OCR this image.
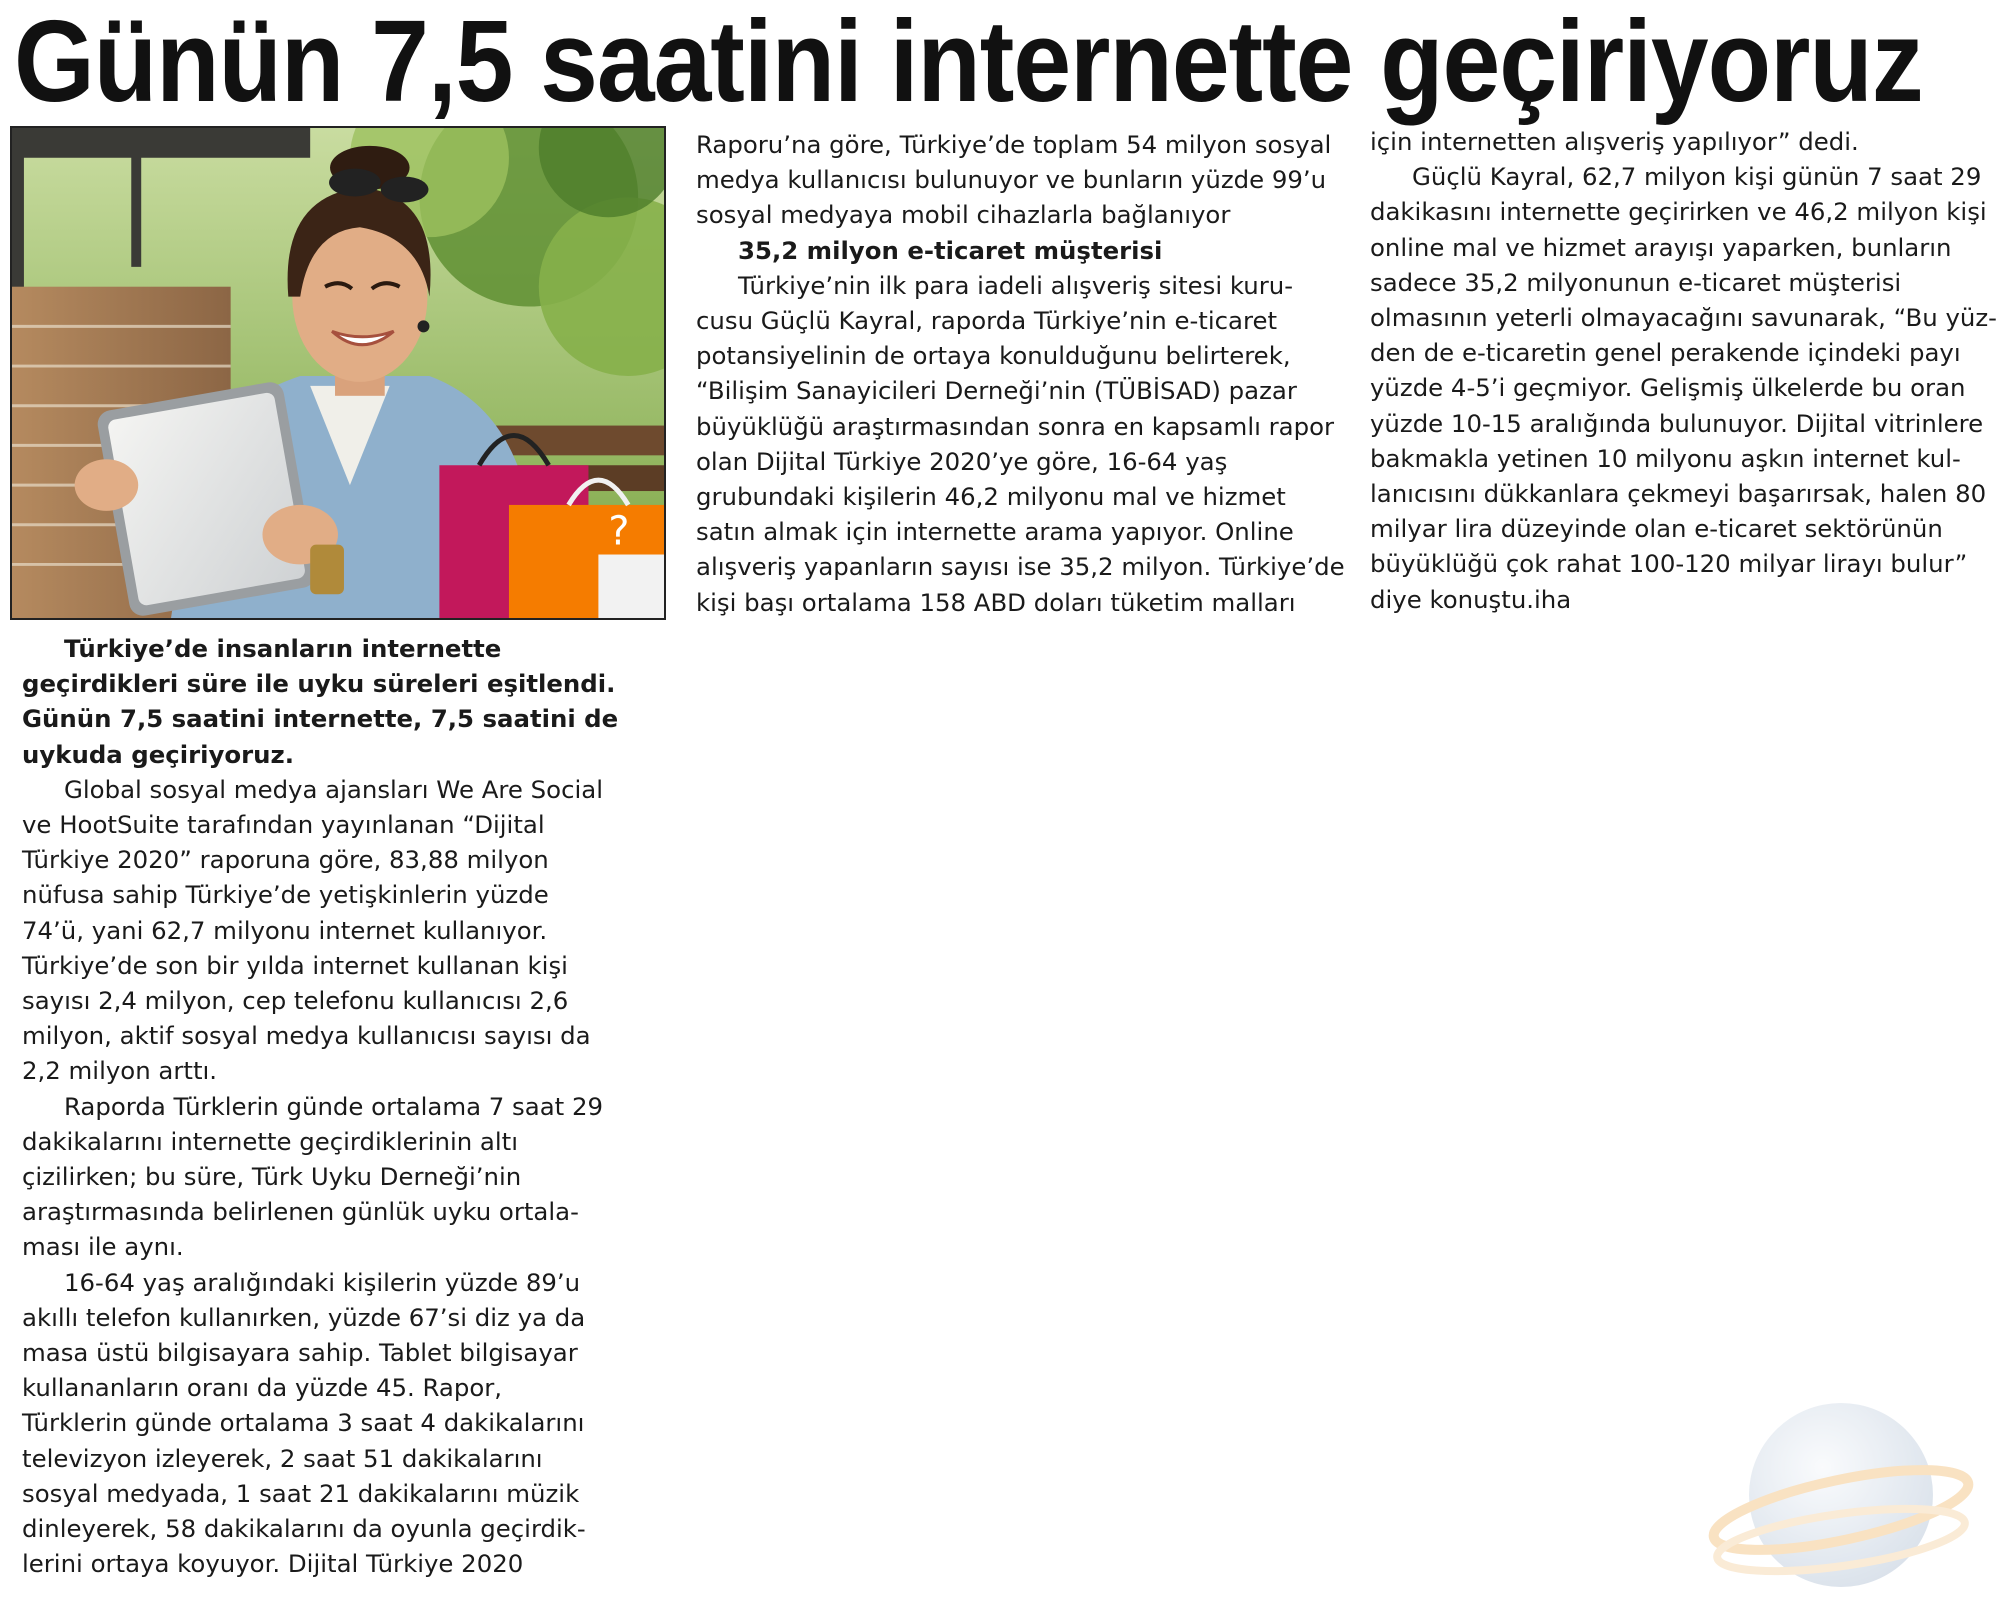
Günün 7,5 saatini internette geçiriyoruz
?

Türkiye’de insanların internette

geçirdikleri süre ile uyku süreleri eşitlendi.
Günün 7,5 saatini internette, 7,5 saatini de
uykuda geçiriyoruz.

Global sosyal medya ajansları We Are Social

ve HootSuite tarafından yayınlanan “Dijital
Türkiye 2020” raporuna göre, 83,88 milyon
nüfusa sahip Türkiye’de yetişkinlerin yüzde
74’ü, yani 62,7 milyonu internet kullanıyor.
Türkiye’de son bir yılda internet kullanan kişi
sayısı 2,4 milyon, cep telefonu kullanıcısı 2,6
milyon, aktif sosyal medya kullanıcısı sayısı da
2,2 milyon arttı.

Raporda Türklerin günde ortalama 7 saat 29

dakikalarını internette geçirdiklerinin altı
çizilirken; bu süre, Türk Uyku Derneği’nin
araştırmasında belirlenen günlük uyku ortala-
ması ile aynı.

16-64 yaş aralığındaki kişilerin yüzde 89’u

akıllı telefon kullanırken, yüzde 67’si diz ya da
masa üstü bilgisayara sahip. Tablet bilgisayar
kullananların oranı da yüzde 45. Rapor,
Türklerin günde ortalama 3 saat 4 dakikalarını
televizyon izleyerek, 2 saat 51 dakikalarını
sosyal medyada, 1 saat 21 dakikalarını müzik
dinleyerek, 58 dakikalarını da oyunla geçirdik-
lerini ortaya koyuyor. Dijital Türkiye 2020

Raporu’na göre, Türkiye’de toplam 54 milyon sosyal
medya kullanıcısı bulunuyor ve bunların yüzde 99’u
sosyal medyaya mobil cihazlarla bağlanıyor

35,2 milyon e-ticaret müşterisi

Türkiye’nin ilk para iadeli alışveriş sitesi kuru-

cusu Güçlü Kayral, raporda Türkiye’nin e-ticaret
potansiyelinin de ortaya konulduğunu belirterek,
“Bilişim Sanayicileri Derneği’nin (TÜBİSAD) pazar
büyüklüğü araştırmasından sonra en kapsamlı rapor
olan Dijital Türkiye 2020’ye göre, 16-64 yaş
grubundaki kişilerin 46,2 milyonu mal ve hizmet
satın almak için internette arama yapıyor. Online
alışveriş yapanların sayısı ise 35,2 milyon. Türkiye’de
kişi başı ortalama 158 ABD doları tüketim malları

için internetten alışveriş yapılıyor” dedi.

Güçlü Kayral, 62,7 milyon kişi günün 7 saat 29

dakikasını internette geçirirken ve 46,2 milyon kişi
online mal ve hizmet arayışı yaparken, bunların
sadece 35,2 milyonunun e-ticaret müşterisi
olmasının yeterli olmayacağını savunarak, “Bu yüz-
den de e-ticaretin genel perakende içindeki payı
yüzde 4-5’i geçmiyor. Gelişmiş ülkelerde bu oran
yüzde 10-15 aralığında bulunuyor. Dijital vitrinlere
bakmakla yetinen 10 milyonu aşkın internet kul-
lanıcısını dükkanlara çekmeyi başarırsak, halen 80
milyar lira düzeyinde olan e-ticaret sektörünün
büyüklüğü çok rahat 100-120 milyar lirayı bulur”
diye konuştu.iha
